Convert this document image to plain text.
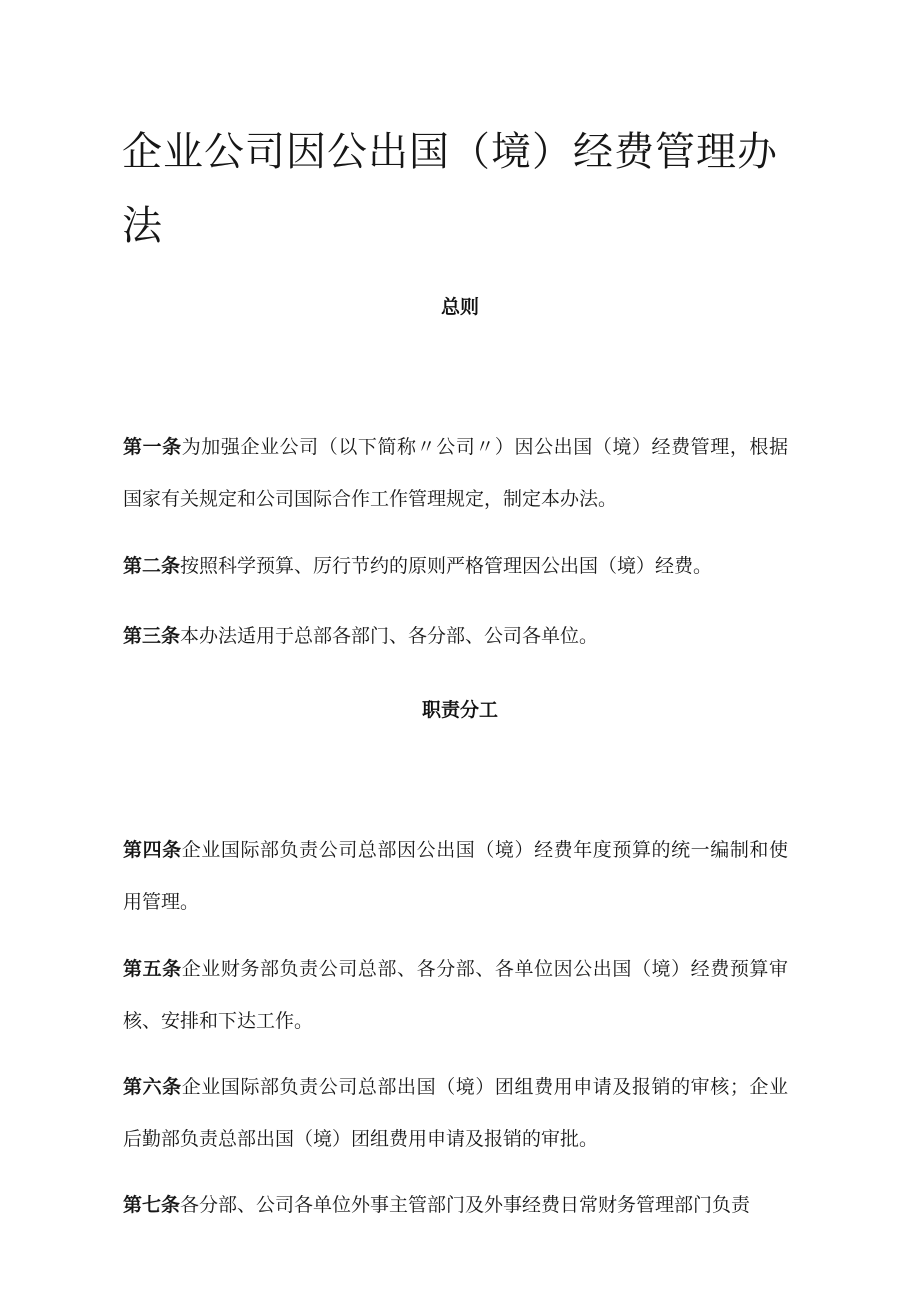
企业公司因公出国（境）经费管理办法
总则

第一条为加强企业公司（以下简称〃公司〃）因公出国（境）经费管理，根据国家有关规定和公司国际合作工作管理规定，制定本办法。

第二条按照科学预算、厉行节约的原则严格管理因公出国（境）经费。

第三条本办法适用于总部各部门、各分部、公司各单位。

职责分工

第四条企业国际部负责公司总部因公出国（境）经费年度预算的统一编制和使用管理。

第五条企业财务部负责公司总部、各分部、各单位因公出国（境）经费预算审核、安排和下达工作。

第六条企业国际部负责公司总部出国（境）团组费用申请及报销的审核；企业后勤部负责总部出国（境）团组费用申请及报销的审批。

第七条各分部、公司各单位外事主管部门及外事经费日常财务管理部门负责
